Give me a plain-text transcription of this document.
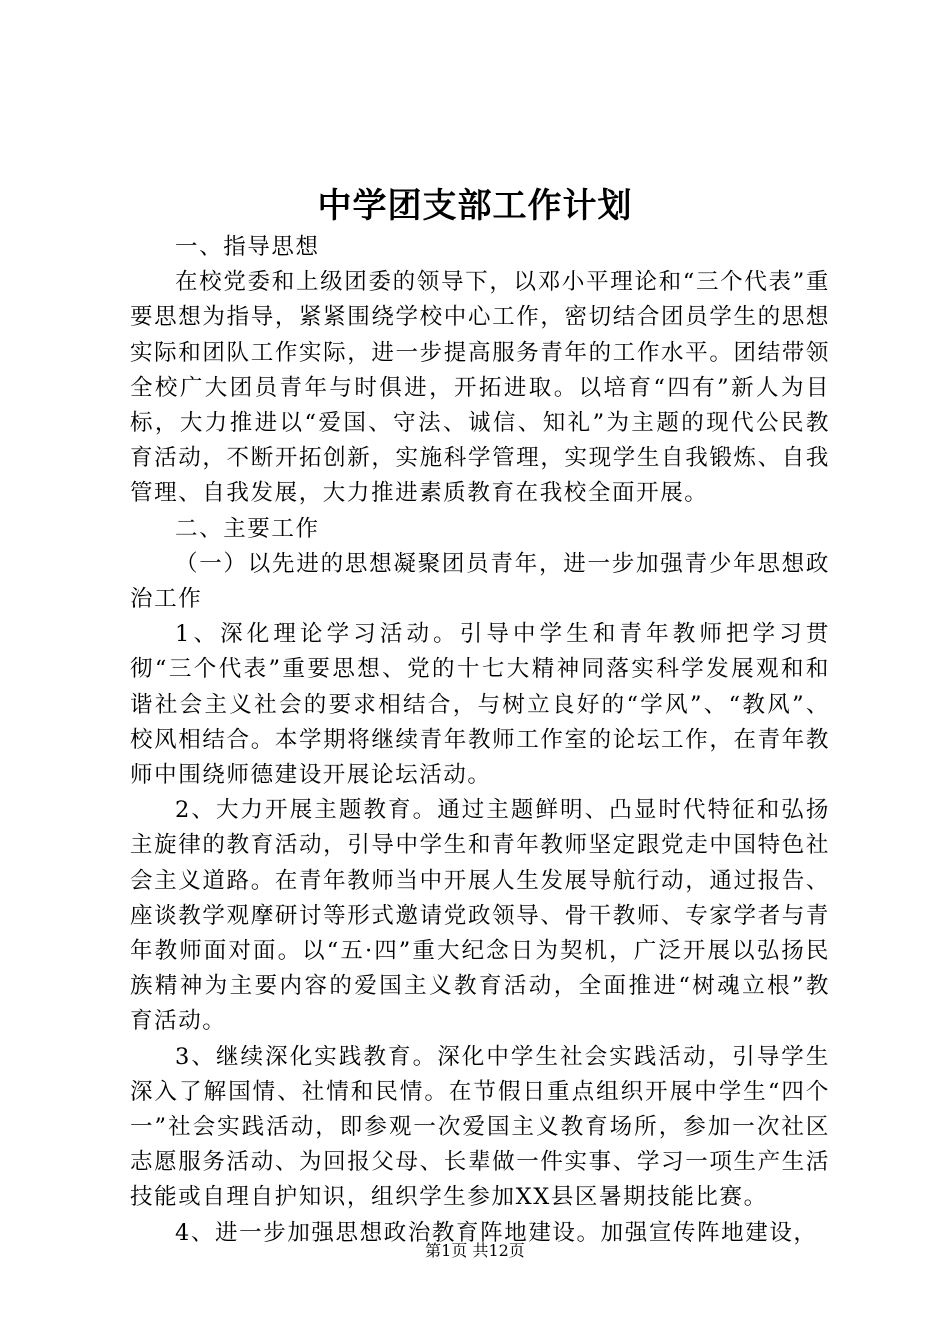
中学团支部工作计划

一、指导思想

在校党委和上级团委的领导下，以邓小平理论和“三个代表”重要思想为指导，紧紧围绕学校中心工作，密切结合团员学生的思想实际和团队工作实际，进一步提高服务青年的工作水平。团结带领全校广大团员青年与时俱进，开拓进取。以培育“四有”新人为目标，大力推进以“爱国、守法、诚信、知礼”为主题的现代公民教育活动，不断开拓创新，实施科学管理，实现学生自我锻炼、自我管理、自我发展，大力推进素质教育在我校全面开展。

二、主要工作

（一）以先进的思想凝聚团员青年，进一步加强青少年思想政治工作

1、深化理论学习活动。引导中学生和青年教师把学习贯彻“三个代表”重要思想、党的十七大精神同落实科学发展观和和谐社会主义社会的要求相结合，与树立良好的“学风”、“教风”、校风相结合。本学期将继续青年教师工作室的论坛工作，在青年教师中围绕师德建设开展论坛活动。

2、大力开展主题教育。通过主题鲜明、凸显时代特征和弘扬主旋律的教育活动，引导中学生和青年教师坚定跟党走中国特色社会主义道路。在青年教师当中开展人生发展导航行动，通过报告、座谈教学观摩研讨等形式邀请党政领导、骨干教师、专家学者与青年教师面对面。以“五·四”重大纪念日为契机，广泛开展以弘扬民族精神为主要内容的爱国主义教育活动，全面推进“树魂立根”教育活动。

3、继续深化实践教育。深化中学生社会实践活动，引导学生深入了解国情、社情和民情。在节假日重点组织开展中学生“四个一”社会实践活动，即参观一次爱国主义教育场所，参加一次社区志愿服务活动、为回报父母、长辈做一件实事、学习一项生产生活技能或自理自护知识，组织学生参加XX县区暑期技能比赛。

4、进一步加强思想政治教育阵地建设。加强宣传阵地建设，

第1页 共12页
